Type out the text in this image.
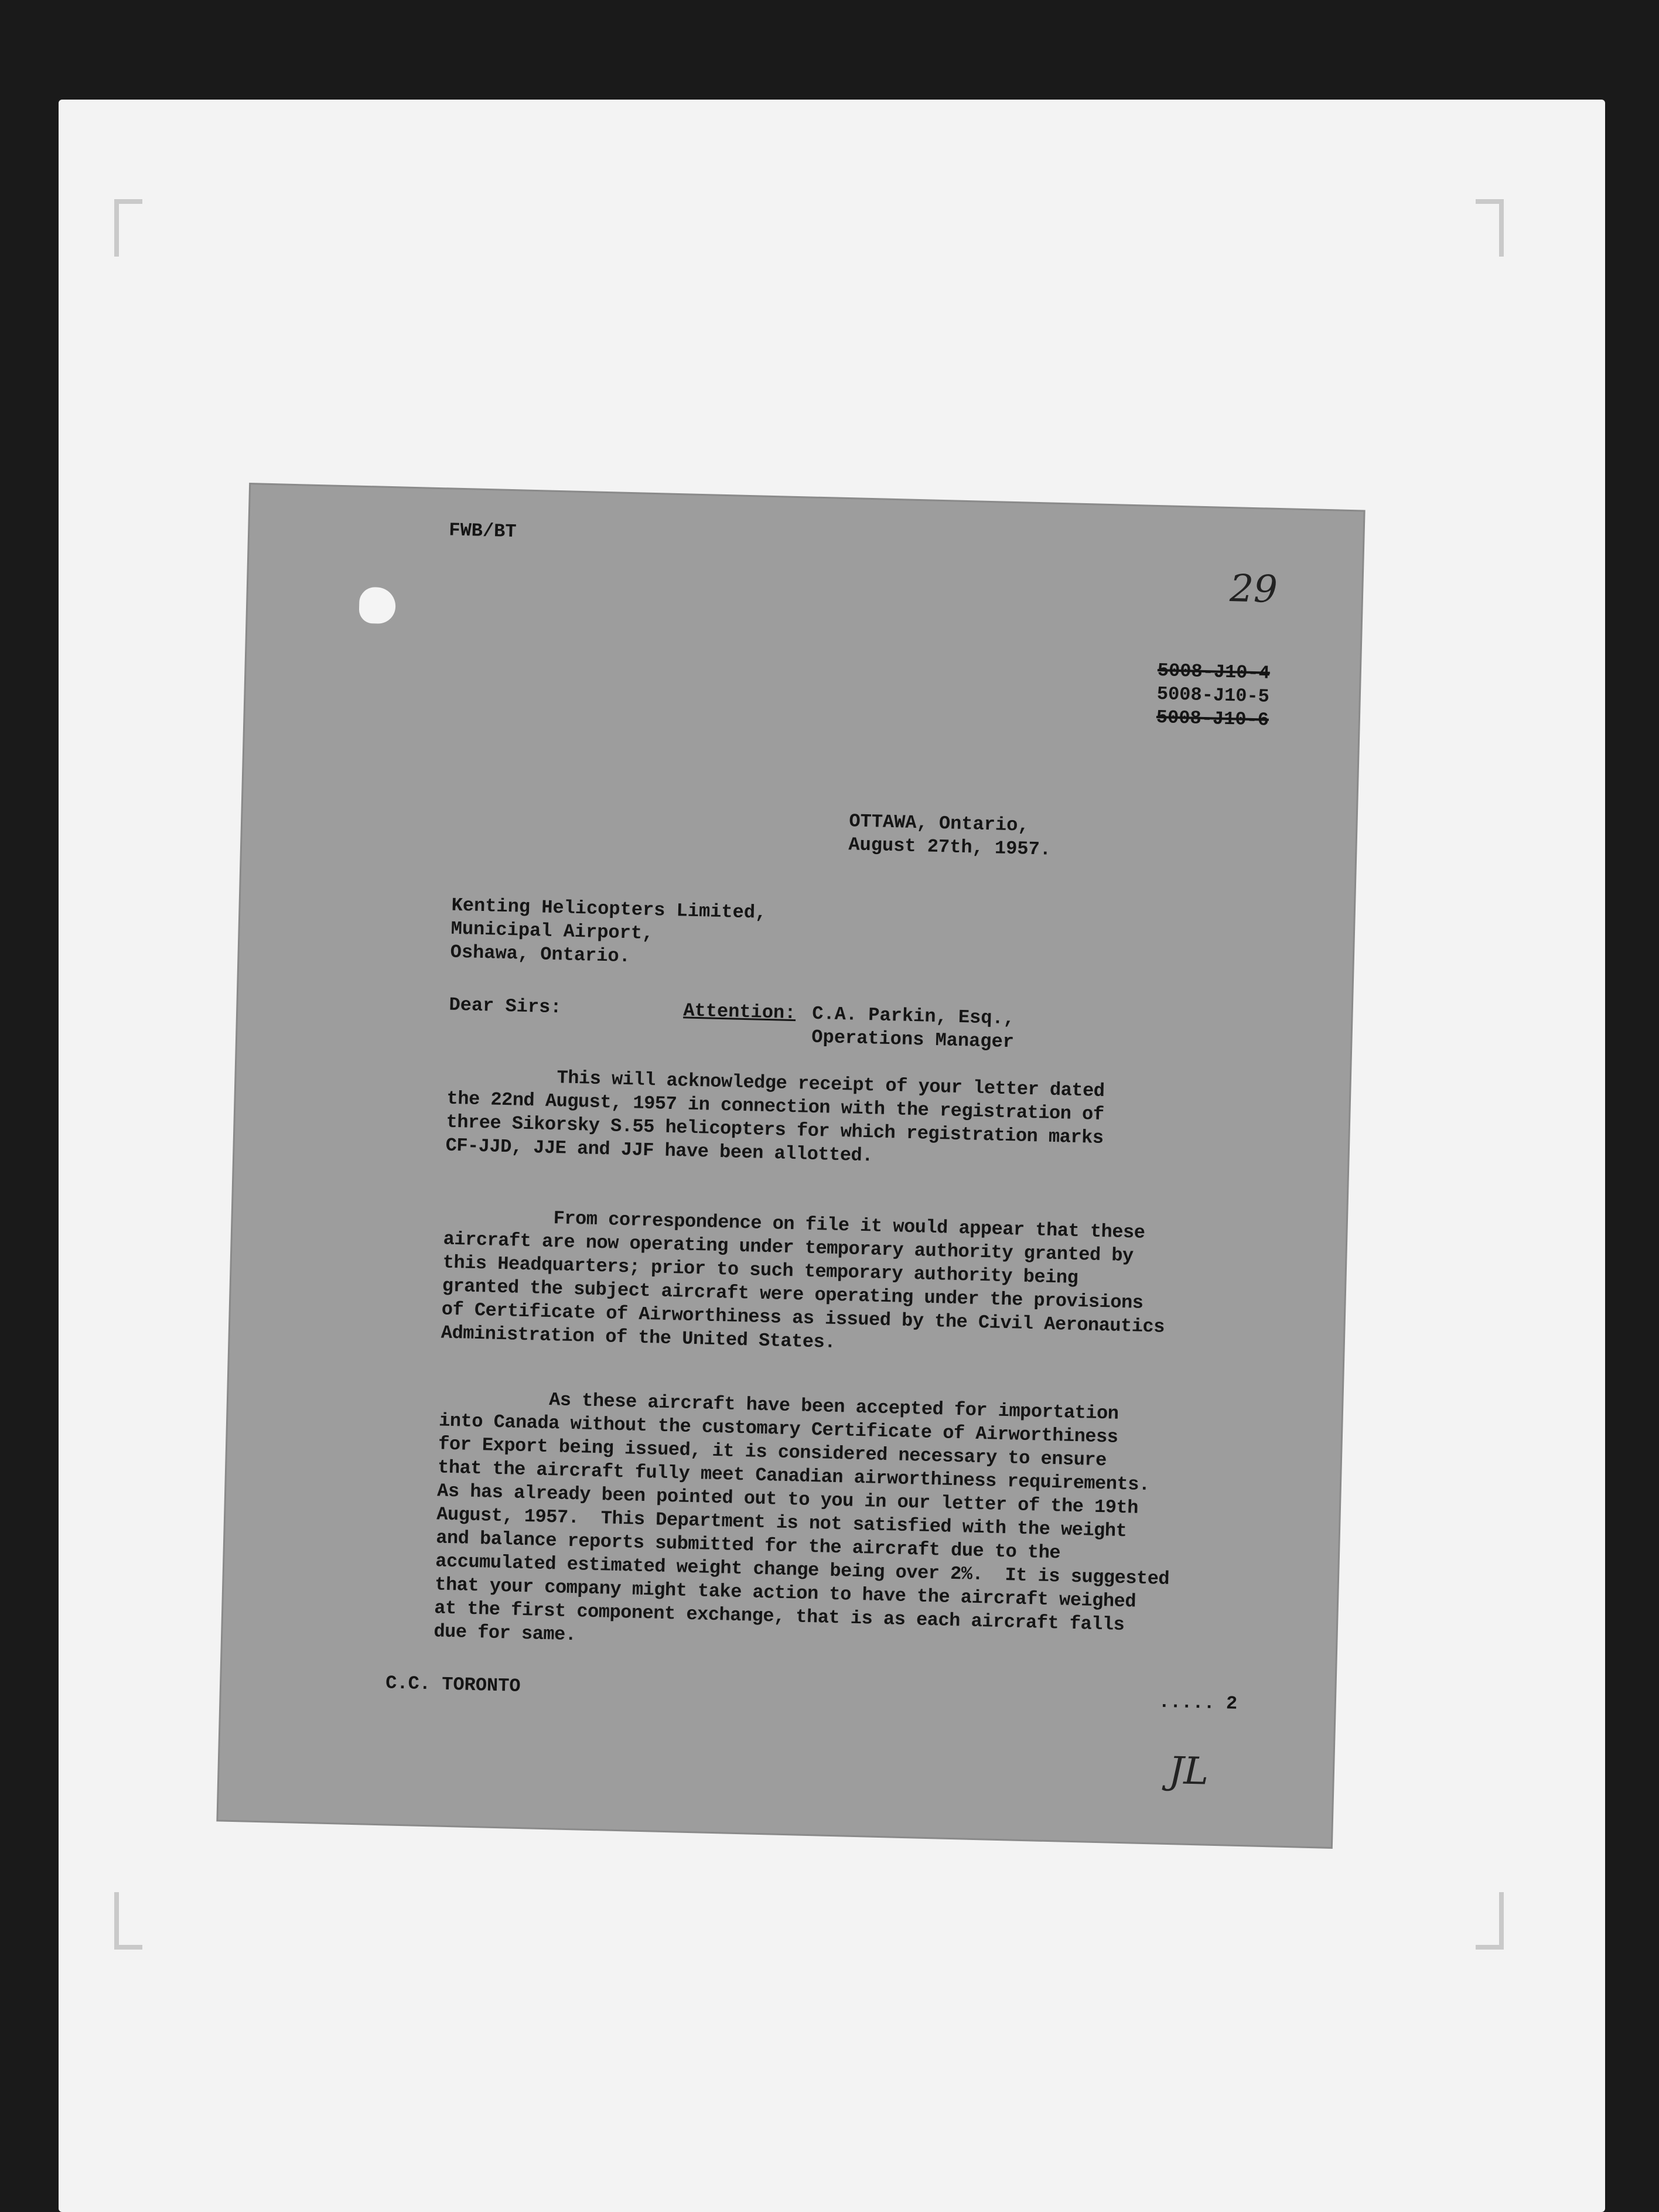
FWB/BT

29

5008-J10-4

5008-J10-5

5008-J10-6

OTTAWA, Ontario,

August 27th, 1957.

Kenting Helicopters Limited,

Municipal Airport,

Oshawa, Ontario.

Dear Sirs:	Attention: C.A. Parkin, Esq.,

Operations Manager

This will acknowledge receipt of your letter dated
the 22nd August, 1957 in connection with the registration of
three Sikorsky S.55 helicopters for which registration marks
CF-JJD, JJE and JJF have been allotted.

From correspondence on file it would appear that these
aircraft are now operating under temporary authority granted by
this Headquarters; prior to such temporary authority being
granted the subject aircraft were operating under the provisions
of Certificate of Airworthiness as issued by the Civil Aeronautics
Administration of the United States.

As these aircraft have been accepted for importation
into Canada without the customary Certificate of Airworthiness
for Export being issued, it is considered necessary to ensure
that the aircraft fully meet Canadian airworthiness requirements.
As has already been pointed out to you in our letter of the 19th
August, 1957.  This Department is not satisfied with the weight
and balance reports submitted for the aircraft due to the
accumulated estimated weight change being over 2%.  It is suggested
that your company might take action to have the aircraft weighed
at the first component exchange, that is as each aircraft falls
due for same.

C.C. TORONTO

..... 2

JL
